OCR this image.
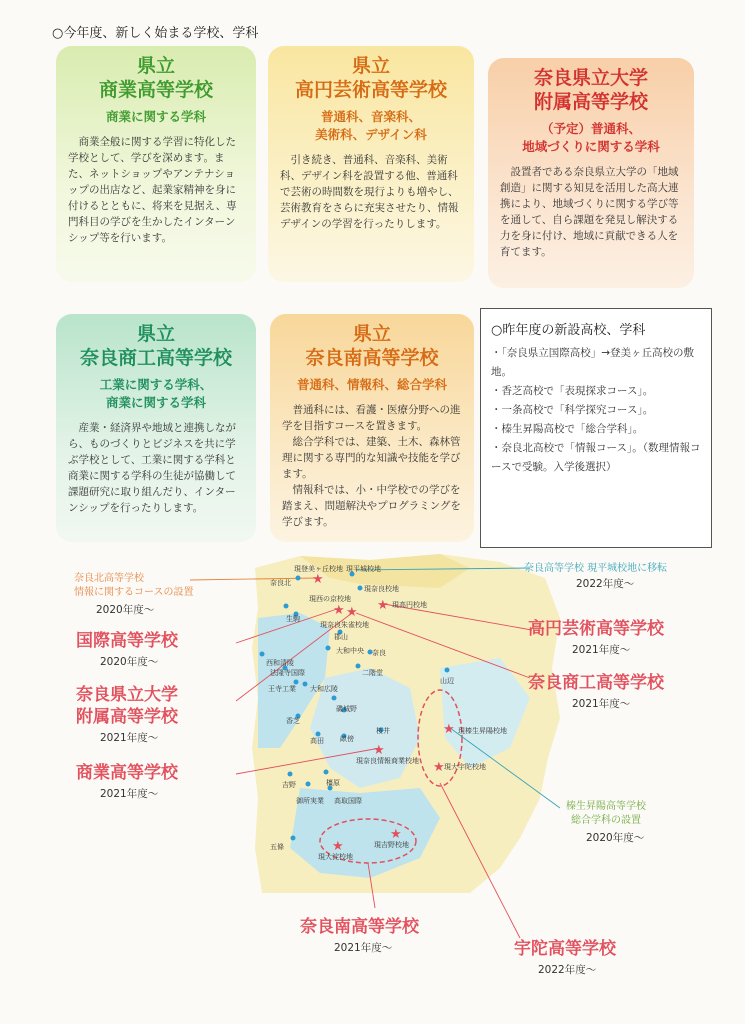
○今年度、新しく始まる学校、学科
県立
商業高等学校
商業に関する学科
商業全般に関する学習に特化した学校として、学びを深めます。また、ネットショップやアンテナショップの出店など、起業家精神を身に付けるとともに、将来を見据え、専門科目の学びを生かしたインターンシップ等を行います。
県立
高円芸術高等学校
普通科、音楽科、
美術科、デザイン科
引き続き、普通科、音楽科、美術科、デザイン科を設置する他、普通科で芸術の時間数を現行よりも増やし、芸術教育をさらに充実させたり、情報デザインの学習を行ったりします。
奈良県立大学
附属高等学校
（予定）普通科、
地域づくりに関する学科
設置者である奈良県立大学の「地域創造」に関する知見を活用した高大連携により、地域づくりに関する学び等を通して、自ら課題を発見し解決する力を身に付け、地域に貢献できる人を育てます。
県立
奈良商工高等学校
工業に関する学科、
商業に関する学科
産業・経済界や地域と連携しながら、ものづくりとビジネスを共に学ぶ学校として、工業に関する学科と商業に関する学科の生徒が協働して課題研究に取り組んだり、インターンシップを行ったりします。
県立
奈良南高等学校
普通科、情報科、総合学科

普通科には、看護・医療分野への進学を目指すコースを置きます。

総合学科では、建築、土木、森林管理に関する専門的な知識や技能を学びます。

情報科では、小・中学校での学びを踏まえ、問題解決やプログラミングを学びます。

○昨年度の新設高校、学科
・「奈良県立国際高校」→登美ヶ丘高校の敷地。
・香芝高校で「表現探求コース」。
・一条高校で「科学探究コース」。
・榛生昇陽高校で「総合学科」。
・奈良北高校で「情報コース」。（数理情報コースで受験。入学後選択）
★
★ ★ ★
★
★
★
★
★
現登美ヶ丘校地 現平城校地
奈良北
現奈良校地
現西の京校地
現高円校地
生駒
現奈良朱雀校地
郡山
大和中央 奈良
西和清陵
法隆寺国際	二階堂
王寺工業 大和広陵
山辺
磯城野
香芝
高田 畝傍
桜井	現榛生昇陽校地
現奈良情報商業校地
現大宇陀校地
吉野	橿原
御所実業 高取国際
五條
現大淀校地
現吉野校地
奈良北高等学校
情報に関するコースの設置
2020年度～
奈良高等学校 現平城校地に移転
2022年度～
国際高等学校
2020年度～
高円芸術高等学校
2021年度～
奈良県立大学
附属高等学校
2021年度～
奈良商工高等学校
2021年度～
商業高等学校
2021年度～
榛生昇陽高等学校
総合学科の設置
2020年度～
奈良南高等学校
2021年度～	宇陀高等学校
2022年度～
